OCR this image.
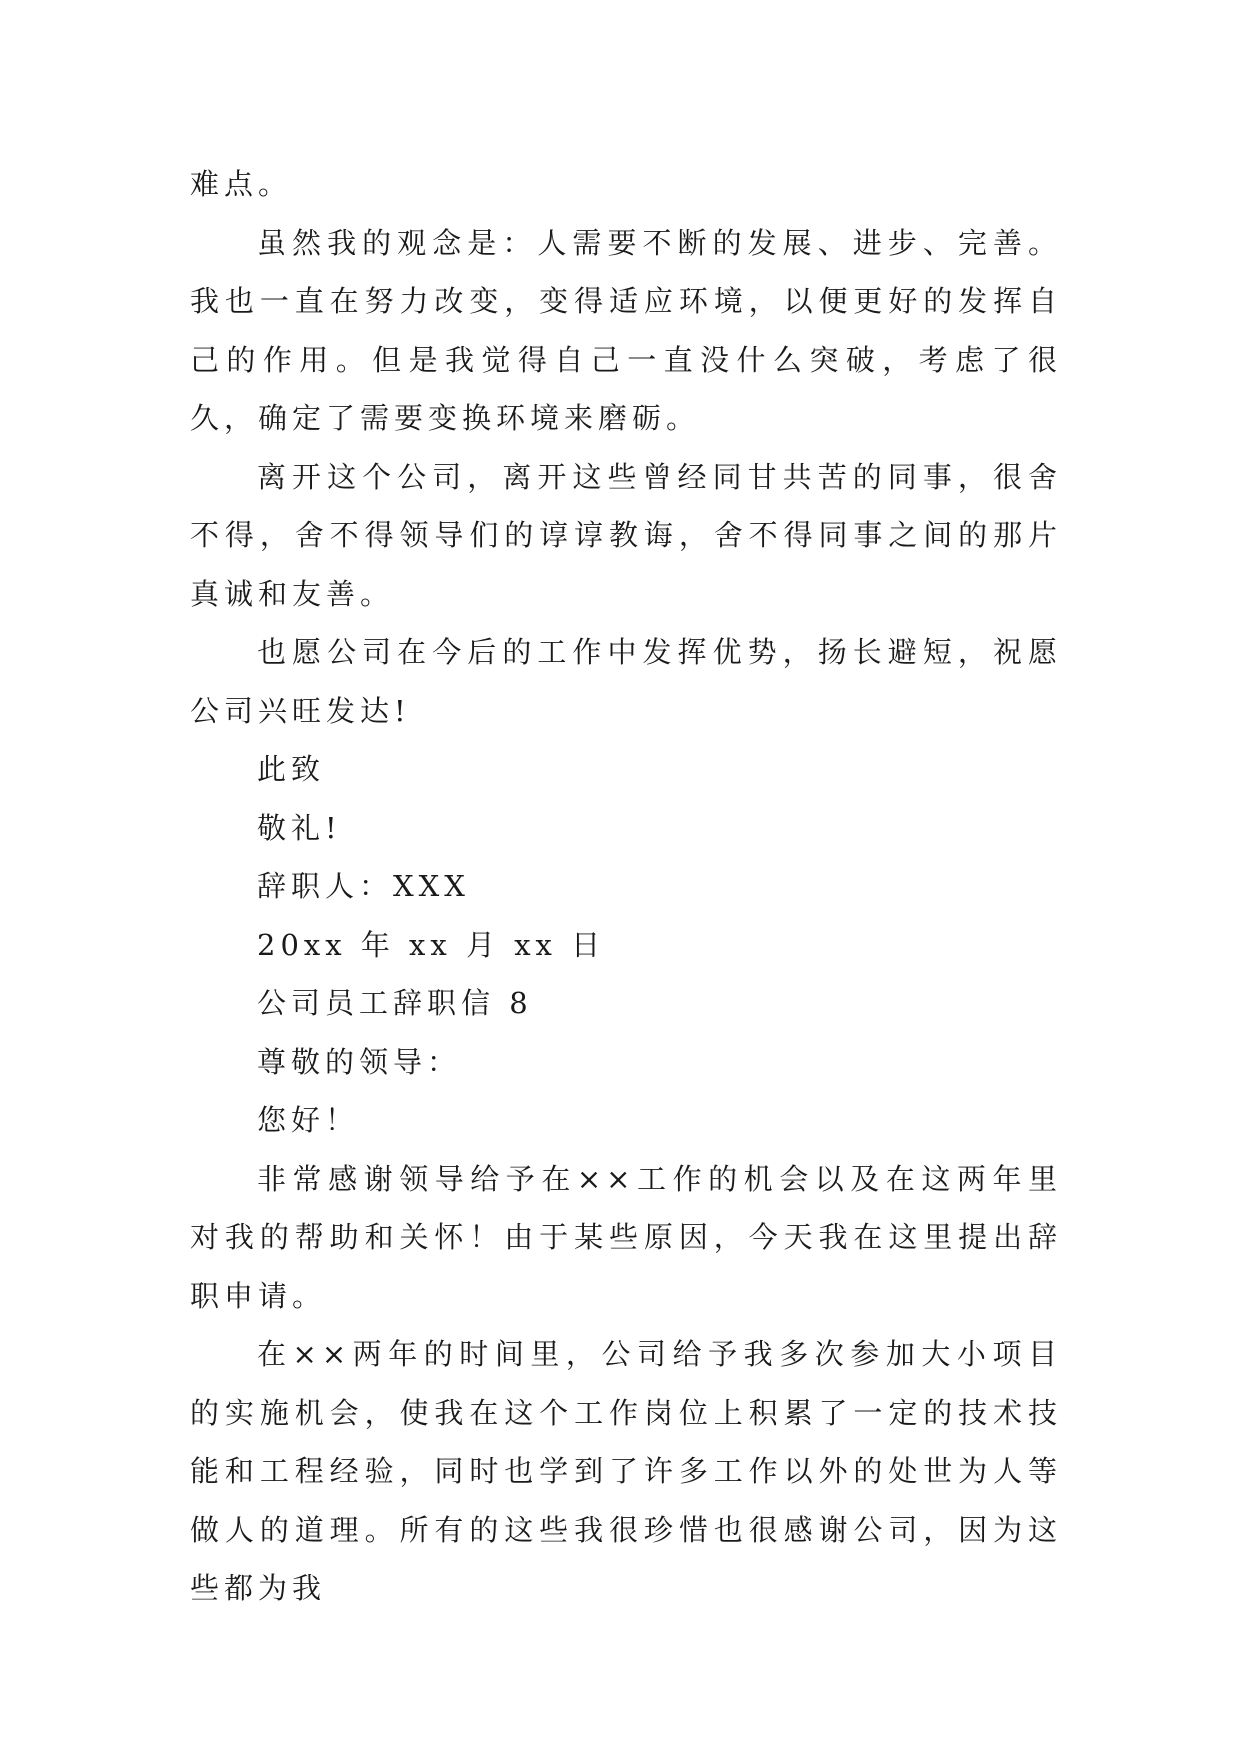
难点。

虽然我的观念是：人需要不断的发展、进步、完善。我也一直在努力改变，变得适应环境，以便更好的发挥自己的作用。但是我觉得自己一直没什么突破，考虑了很久，确定了需要变换环境来磨砺。

离开这个公司，离开这些曾经同甘共苦的同事，很舍不得，舍不得领导们的谆谆教诲，舍不得同事之间的那片真诚和友善。

也愿公司在今后的工作中发挥优势，扬长避短，祝愿公司兴旺发达!

此致

敬礼!

辞职人：XXX

20xx 年 xx 月 xx 日

公司员工辞职信 8

尊敬的领导：

您好！

非常感谢领导给予在××工作的机会以及在这两年里对我的帮助和关怀！由于某些原因，今天我在这里提出辞职申请。

在××两年的时间里，公司给予我多次参加大小项目的实施机会，使我在这个工作岗位上积累了一定的技术技能和工程经验，同时也学到了许多工作以外的处世为人等做人的道理。所有的这些我很珍惜也很感谢公司，因为这些都为我
